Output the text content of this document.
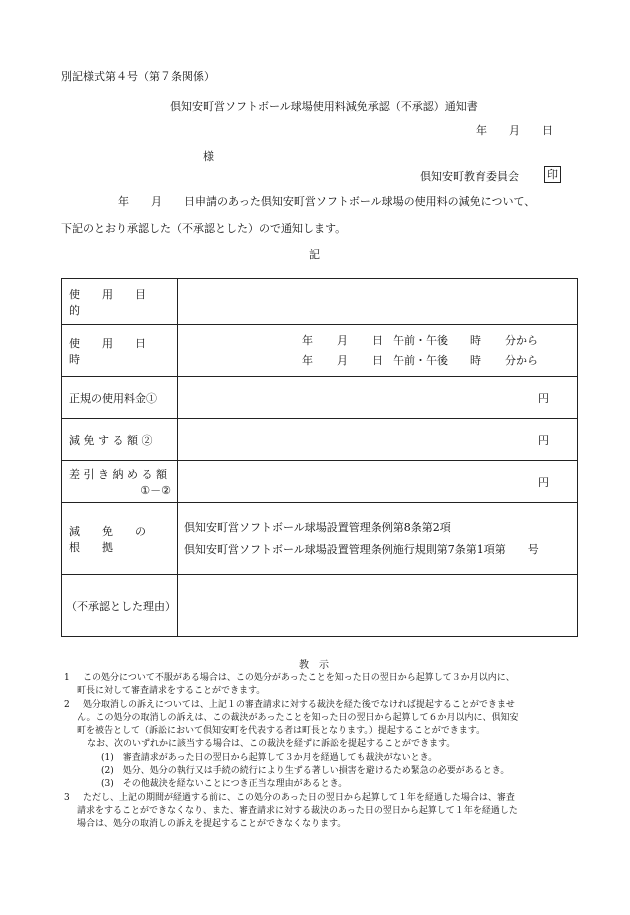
別記様式第４号（第７条関係）
倶知安町営ソフトボール球場使用料減免承認（不承認）通知書
年　　月　　日
様
倶知安町教育委員会	印
年　　月　　日申請のあった倶知安町営ソフトボール球場の使用料の減免について、
下記のとおり承認した（不承認とした）ので通知します。
記
使　　用　　目　　的	
使　　用　　日　　時	年 月 日 午前・午後 時 分から
年 月 日 午前・午後 時 分から

正規の使用料金①	円
減 免 す る 額 ②	円

差 引 き 納 め る 額
①－②	円
減　　免　　の　　根　　拠	倶知安町営ソフトボール球場設置管理条例第8条第2項
倶知安町営ソフトボール球場設置管理条例施行規則第7条第1項第　　号

（不承認とした理由）	
教　示
1	この処分について不服がある場合は、この処分があったことを知った日の翌日から起算して３か月以内に、
町長に対して審査請求をすることができます。
2	処分取消しの訴えについては、上記１の審査請求に対する裁決を経た後でなければ提起することができませ
ん。この処分の取消しの訴えは、この裁決があったことを知った日の翌日から起算して６か月以内に、倶知安
町を被告として（訴訟において倶知安町を代表する者は町長となります。）提起することができます。
なお、次のいずれかに該当する場合は、この裁決を経ずに訴訟を提起することができます。
(1)　審査請求があった日の翌日から起算して３か月を経過しても裁決がないとき。
(2)　処分、処分の執行又は手続の続行により生ずる著しい損害を避けるため緊急の必要があるとき。
(3)　その他裁決を経ないことにつき正当な理由があるとき。
3	ただし、上記の期間が経過する前に、この処分のあった日の翌日から起算して１年を経過した場合は、審査
請求をすることができなくなり、また、審査請求に対する裁決のあった日の翌日から起算して１年を経過した
場合は、処分の取消しの訴えを提起することができなくなります。
